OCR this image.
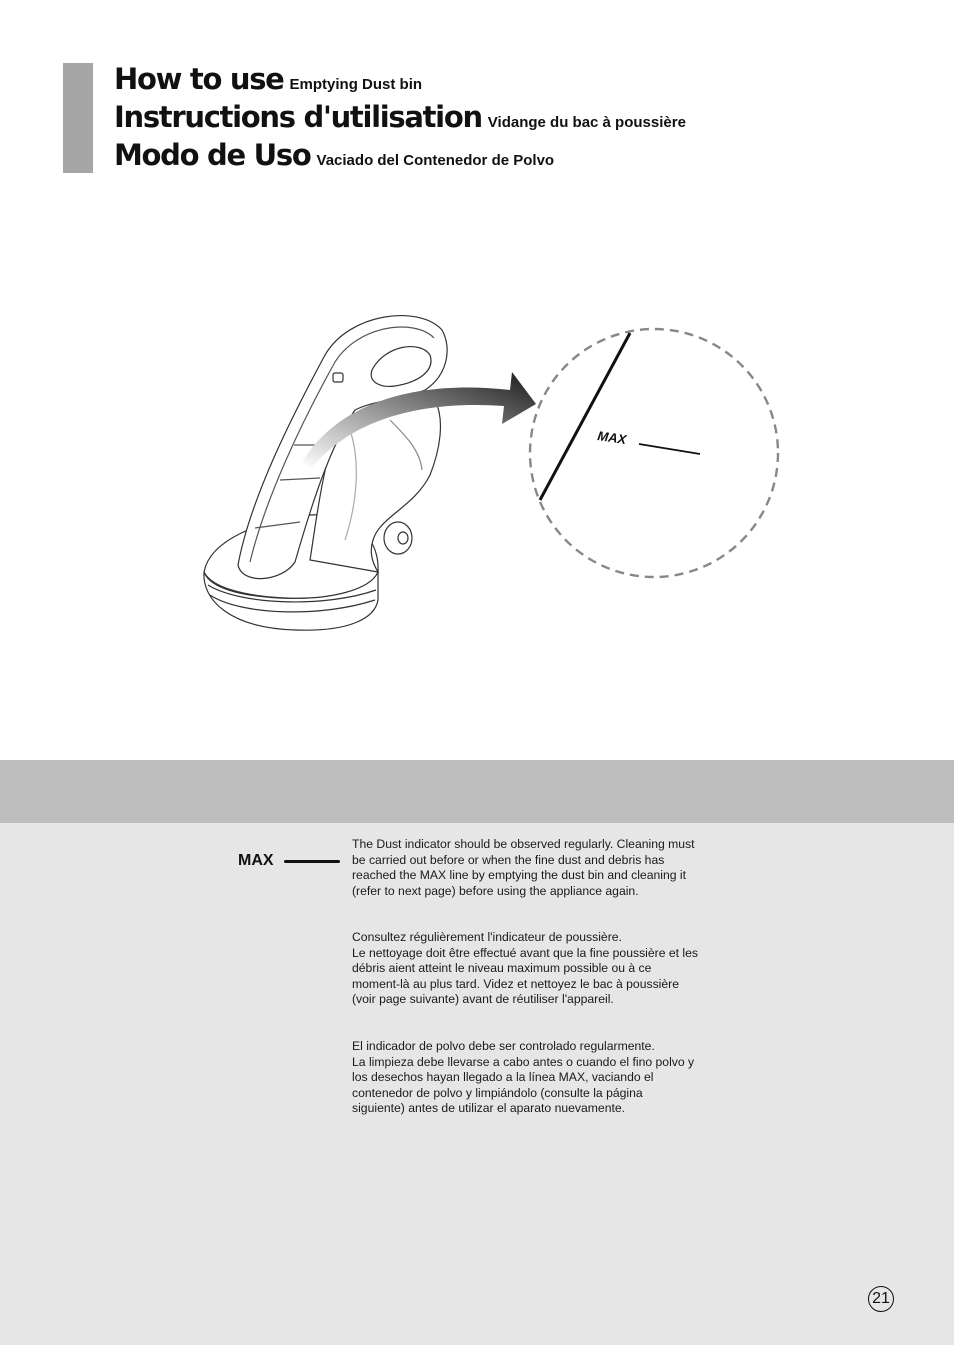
How to use Emptying Dust bin
Instructions d'utilisation Vidange du bac à poussière
Modo de Uso Vaciado del Contenedor de Polvo
MAX
MAX
The Dust indicator should be observed regularly. Cleaning must
be carried out before or when the fine dust and debris has
reached the MAX line by emptying the dust bin and cleaning it
(refer to next page) before using the appliance again.
Consultez régulièrement l'indicateur de poussière.
Le nettoyage doit être effectué avant que la fine poussière et les
débris aient atteint le niveau maximum possible ou à ce
moment-là au plus tard. Videz et nettoyez le bac à poussière
(voir page suivante) avant de réutiliser l'appareil.
El indicador de polvo debe ser controlado regularmente.
La limpieza debe llevarse a cabo antes o cuando el fino polvo y
los desechos hayan llegado a la línea MAX, vaciando el
contenedor de polvo y limpiándolo (consulte la página
siguiente) antes de utilizar el aparato nuevamente.
21
